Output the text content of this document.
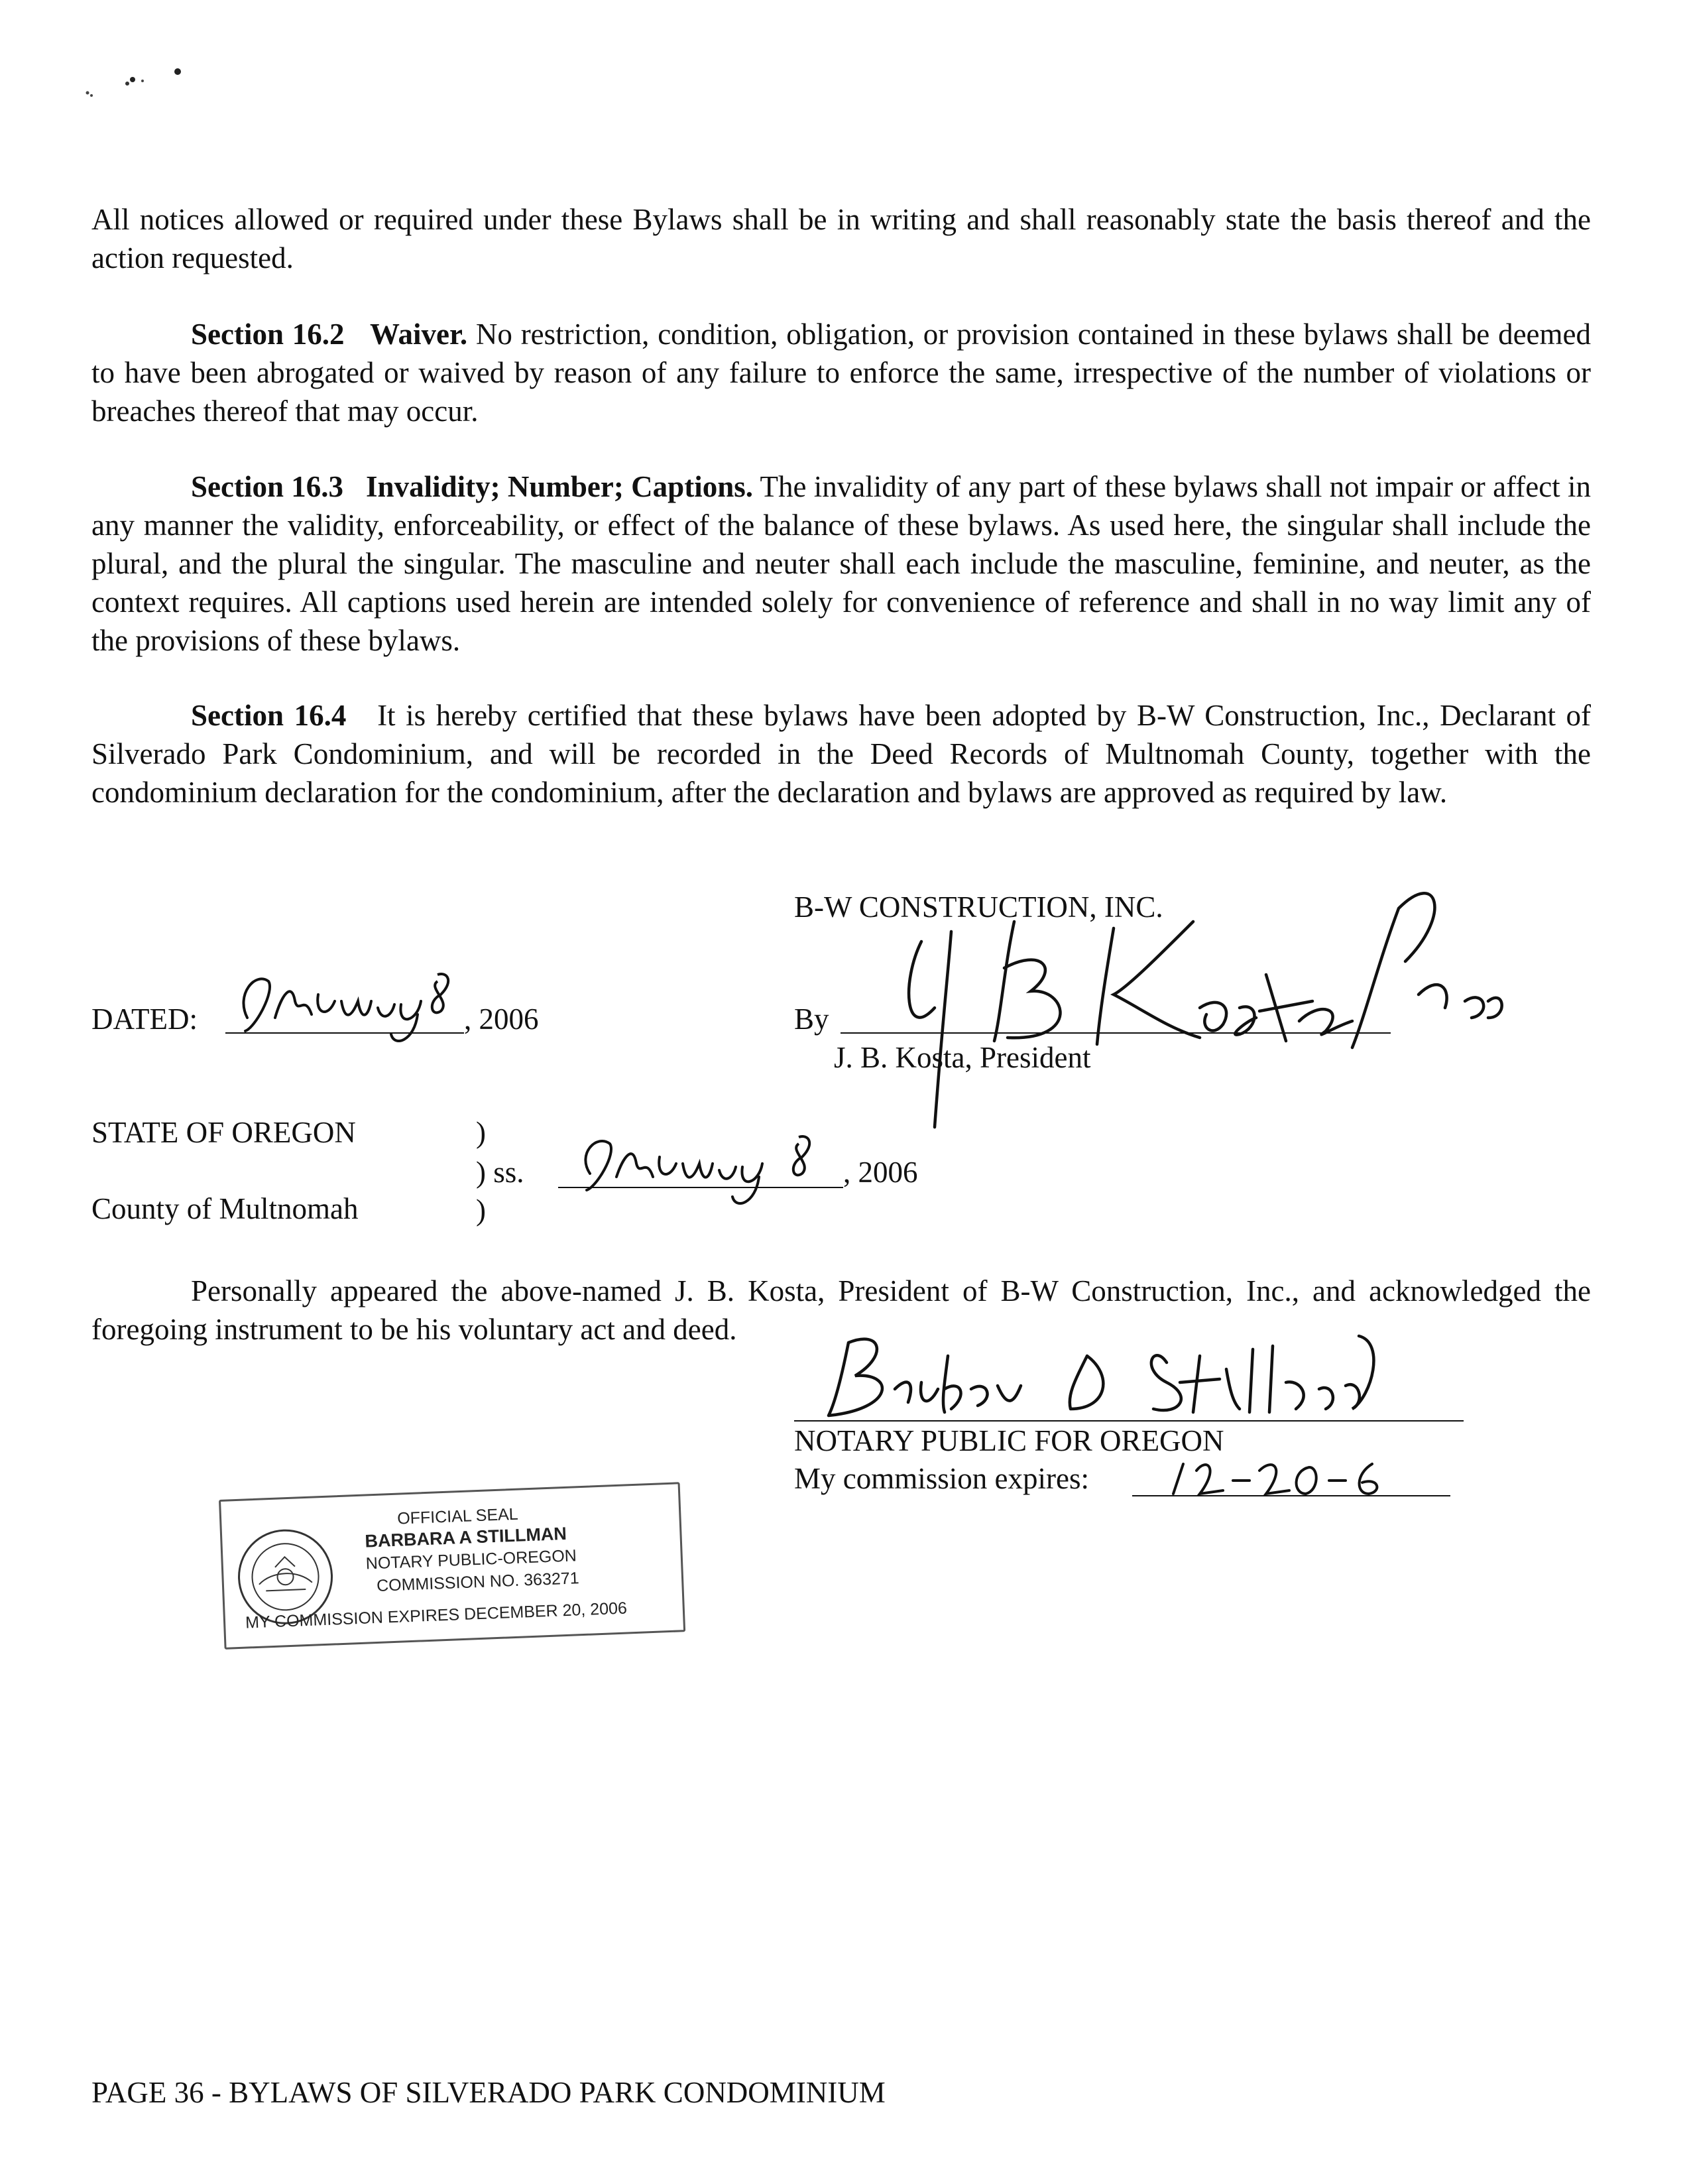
All notices allowed or required under these Bylaws shall be in writing and shall reasonably state the basis thereof and the action requested.

Section 16.2 Waiver. No restriction, condition, obligation, or provision contained in these bylaws shall be deemed to have been abrogated or waived by reason of any failure to enforce the same, irrespective of the number of violations or breaches thereof that may occur.

Section 16.3 Invalidity; Number; Captions. The invalidity of any part of these bylaws shall not impair or affect in any manner the validity, enforceability, or effect of the balance of these bylaws. As used here, the singular shall include the plural, and the plural the singular. The masculine and neuter shall each include the masculine, feminine, and neuter, as the context requires. All captions used herein are intended solely for convenience of reference and shall in no way limit any of the provisions of these bylaws.

Section 16.4 It is hereby certified that these bylaws have been adopted by B-W Construction, Inc., Declarant of Silverado Park Condominium, and will be recorded in the Deed Records of Multnomah County, together with the condominium declaration for the condominium, after the declaration and bylaws are approved as required by law.

B-W CONSTRUCTION, INC.
DATED:	, 2006	By
J. B. Kosta, President
STATE OF OREGON
County of Multnomah
)
) ss.
)
, 2006

Personally appeared the above-named J. B. Kosta, President of B-W Construction, Inc., and acknowledged the foregoing instrument to be his voluntary act and deed.

NOTARY PUBLIC FOR OREGON
My commission expires:
OFFICIAL SEAL
BARBARA A STILLMAN
NOTARY PUBLIC-OREGON
COMMISSION NO. 363271
MY COMMISSION EXPIRES DECEMBER 20, 2006
PAGE 36 - BYLAWS OF SILVERADO PARK CONDOMINIUM
